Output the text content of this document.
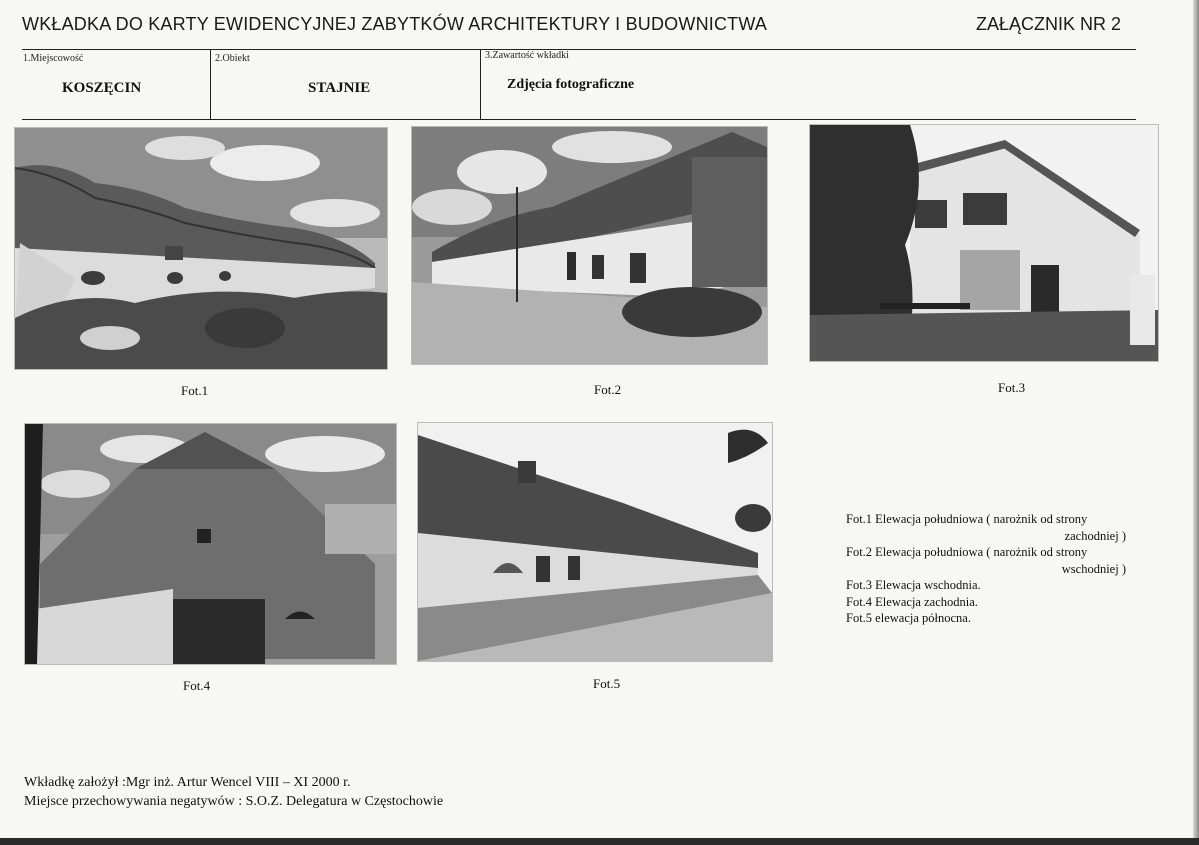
WKŁADKA DO KARTY EWIDENCYJNEJ ZABYTKÓW ARCHITEKTURY I BUDOWNICTWA	ZAŁĄCZNIK NR 2
1.Miejscowość
KOSZĘCIN
2.Obiekt
STAJNIE
3.Zawartość wkładki
Zdjęcia fotograficzne
Fot.1	Fot.2	Fot.3
Fot.4	Fot.5
Fot.1 Elewacja południowa ( narożnik od strony
zachodniej )
Fot.2 Elewacja południowa ( narożnik od strony
wschodniej )
Fot.3 Elewacja wschodnia.
Fot.4 Elewacja zachodnia.
Fot.5 elewacja północna.
Wkładkę założył :Mgr inż. Artur Wencel VIII – XI 2000 r.
Miejsce przechowywania negatywów : S.O.Z. Delegatura w Częstochowie
